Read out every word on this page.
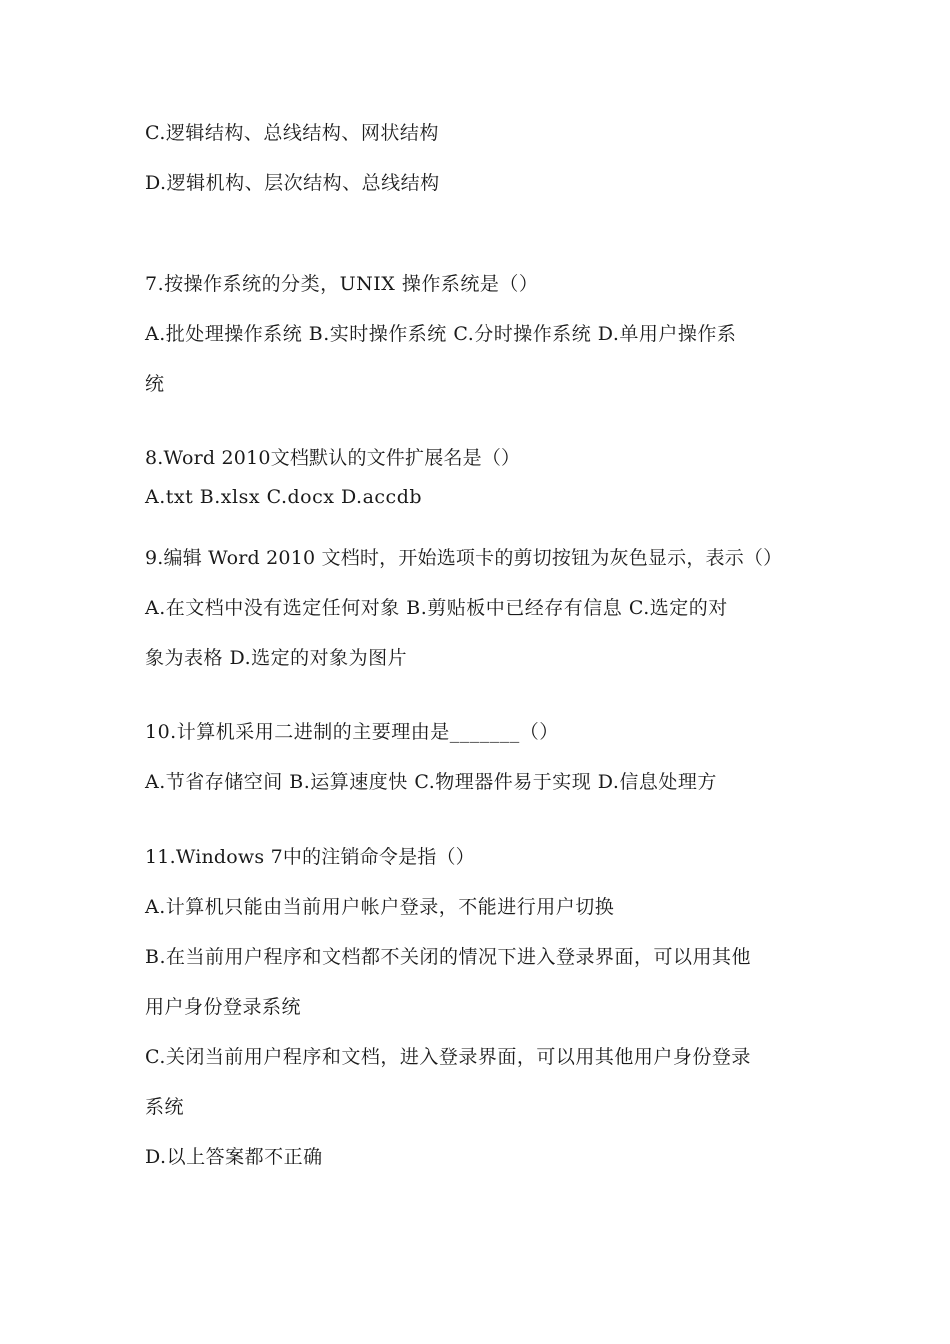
C.逻辑结构、总线结构、网状结构
D.逻辑机构、层次结构、总线结构
7.按操作系统的分类，UNIX 操作系统是（）
A.批处理操作系统 B.实时操作系统 C.分时操作系统 D.单用户操作系
统
8.Word 2010文档默认的文件扩展名是（）
A.txt B.xlsx C.docx D.accdb
9.编辑 Word 2010 文档时，开始选项卡的剪切按钮为灰色显示，表示（）
A.在文档中没有选定任何对象 B.剪贴板中已经存有信息 C.选定的对
象为表格 D.选定的对象为图片
10.计算机采用二进制的主要理由是_______（）
A.节省存储空间 B.运算速度快 C.物理器件易于实现 D.信息处理方
11.Windows 7中的注销命令是指（）
A.计算机只能由当前用户帐户登录，不能进行用户切换
B.在当前用户程序和文档都不关闭的情况下进入登录界面，可以用其他
用户身份登录系统
C.关闭当前用户程序和文档，进入登录界面，可以用其他用户身份登录
系统
D.以上答案都不正确
